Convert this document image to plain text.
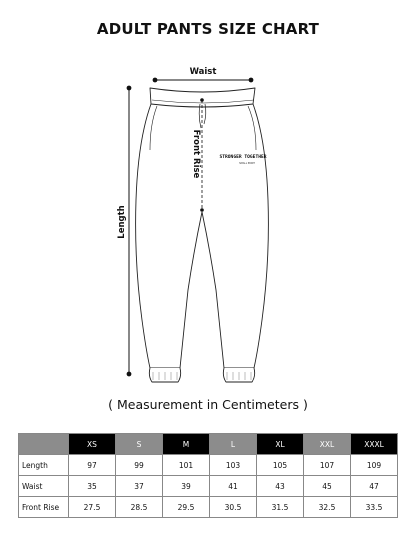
ADULT PANTS SIZE CHART
Waist
Length
Front Rise	STRONGER TOGETHER
SMALL PRINT
( Measurement in Centimeters )
	XS	S	M	L	XL	XXL	XXXL
Length	97	99	101	103	105	107	109
Waist	35	37	39	41	43	45	47
Front Rise	27.5	28.5	29.5	30.5	31.5	32.5	33.5
